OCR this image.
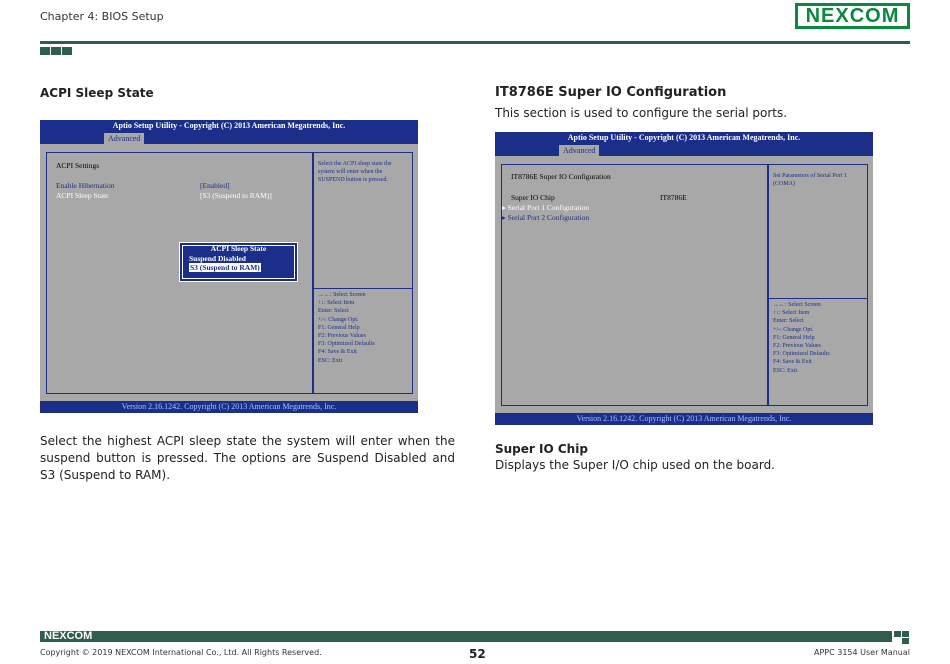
Chapter 4: BIOS Setup	NEXCOM
ACPI Sleep State
Aptio Setup Utility - Copyright (C) 2013 American Megatrends, Inc.
Advanced
ACPI Settings
Enable Hibernation	[Enabled]
ACPI Sleep State	[S3 (Suspend to RAM)]
Select the ACPI sleep state the system will enter when the SUSPEND button is pressed.
→←: Select Screen
↑↓: Select Item
Enter: Select
+/-: Change Opt.
F1: General Help
F2: Previous Values
F3: Optimized Defaults
F4: Save & Exit
ESC: Exit
ACPI Sleep State
Suspend Disabled
S3 (Suspend to RAM)
Version 2.16.1242. Copyright (C) 2013 American Megatrends, Inc.
Select the highest ACPI sleep state the system will enter when the suspend button is pressed. The options are Suspend Disabled and S3 (Suspend to RAM).
IT8786E Super IO Configuration
This section is used to configure the serial ports.
Aptio Setup Utility - Copyright (C) 2013 American Megatrends, Inc.
Advanced
IT8786E Super IO Configuration
Super IO Chip	IT8786E
▸ Serial Port 1 Configuration
▸ Serial Port 2 Configuration
Set Parameters of Serial Port 1 (COMA)
→←: Select Screen
↑↓: Select Item
Enter: Select
+/-: Change Opt.
F1: General Help
F2: Previous Values
F3: Optimized Defaults
F4: Save & Exit
ESC: Exit
Version 2.16.1242. Copyright (C) 2013 American Megatrends, Inc.
Super IO Chip
Displays the Super I/O chip used on the board.
NEXCOM
Copyright © 2019 NEXCOM International Co., Ltd. All Rights Reserved.	52	APPC 3154 User Manual
